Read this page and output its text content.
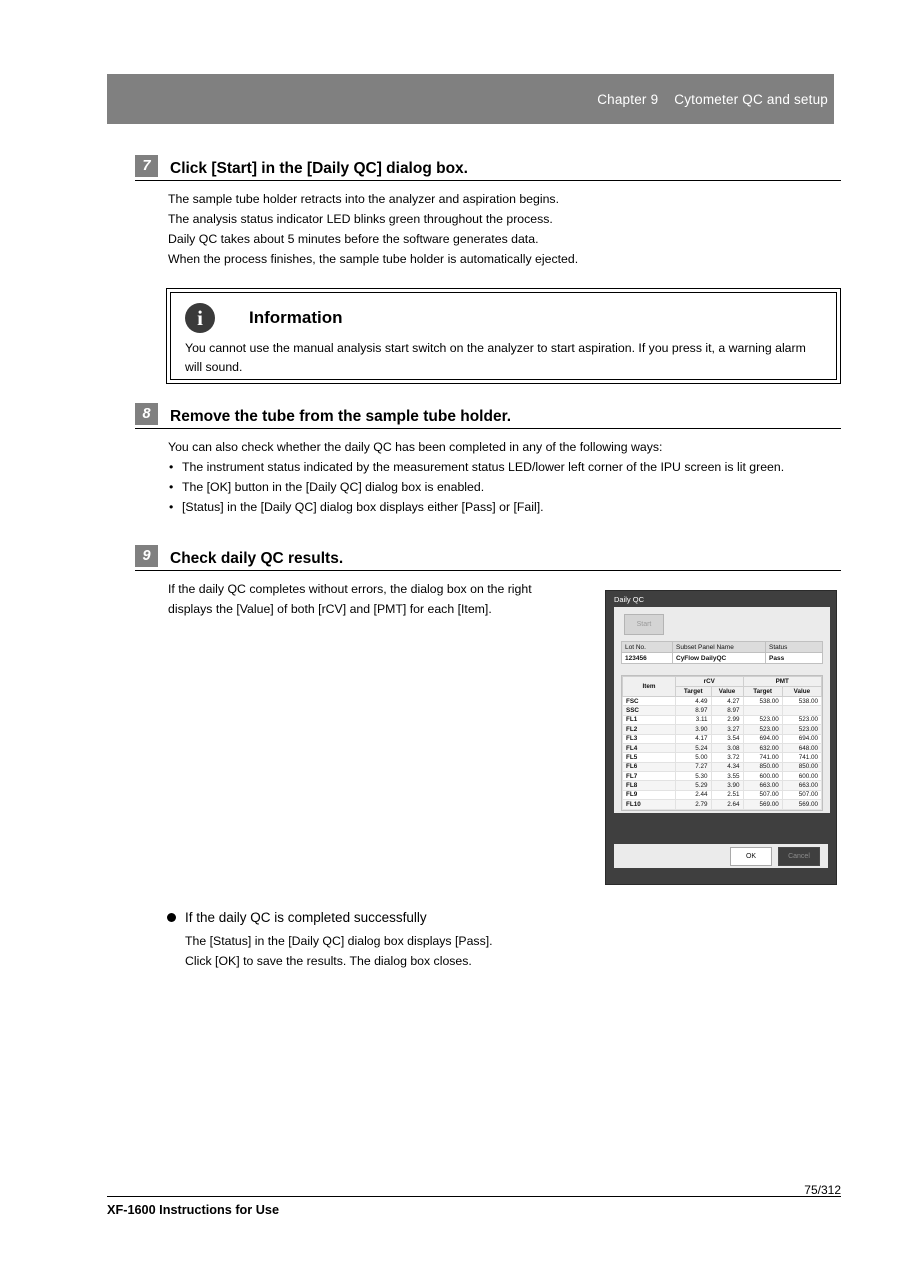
Chapter 9 Cytometer QC and setup
7	Click [Start] in the [Daily QC] dialog box.

The sample tube holder retracts into the analyzer and aspiration begins.

The analysis status indicator LED blinks green throughout the process.

Daily QC takes about 5 minutes before the software generates data.

When the process finishes, the sample tube holder is automatically ejected.

i	Information
You cannot use the manual analysis start switch on the analyzer to start aspiration. If you press it, a warning alarm will sound.
8	Remove the tube from the sample tube holder.

You can also check whether the daily QC has been completed in any of the following ways:

• The instrument status indicated by the measurement status LED/lower left corner of the IPU screen is lit green.
• The [OK] button in the [Daily QC] dialog box is enabled.
• [Status] in the [Daily QC] dialog box displays either [Pass] or [Fail].
9	Check daily QC results.

If the daily QC completes without errors, the dialog box on the right

displays the [Value] of both [rCV] and [PMT] for each [Item].

Daily QC
Start
Lot No.	Subset Panel Name	Status
123456	CyFlow DailyQC	Pass
Item	rCV		PMT	
	Target	Value	Target	Value
FSC	4.49	4.27	538.00	538.00
SSC	8.97	8.97		
FL1	3.11	2.99	523.00	523.00
FL2	3.90	3.27	523.00	523.00
FL3	4.17	3.54	694.00	694.00
FL4	5.24	3.08	632.00	648.00
FL5	5.00	3.72	741.00	741.00
FL6	7.27	4.34	850.00	850.00
FL7	5.30	3.55	600.00	600.00
FL8	5.29	3.90	663.00	663.00
FL9	2.44	2.51	507.00	507.00
FL10	2.79	2.64	569.00	569.00
OK	Cancel
If the daily QC is completed successfully

The [Status] in the [Daily QC] dialog box displays [Pass].

Click [OK] to save the results. The dialog box closes.

75/312
XF-1600 Instructions for Use
